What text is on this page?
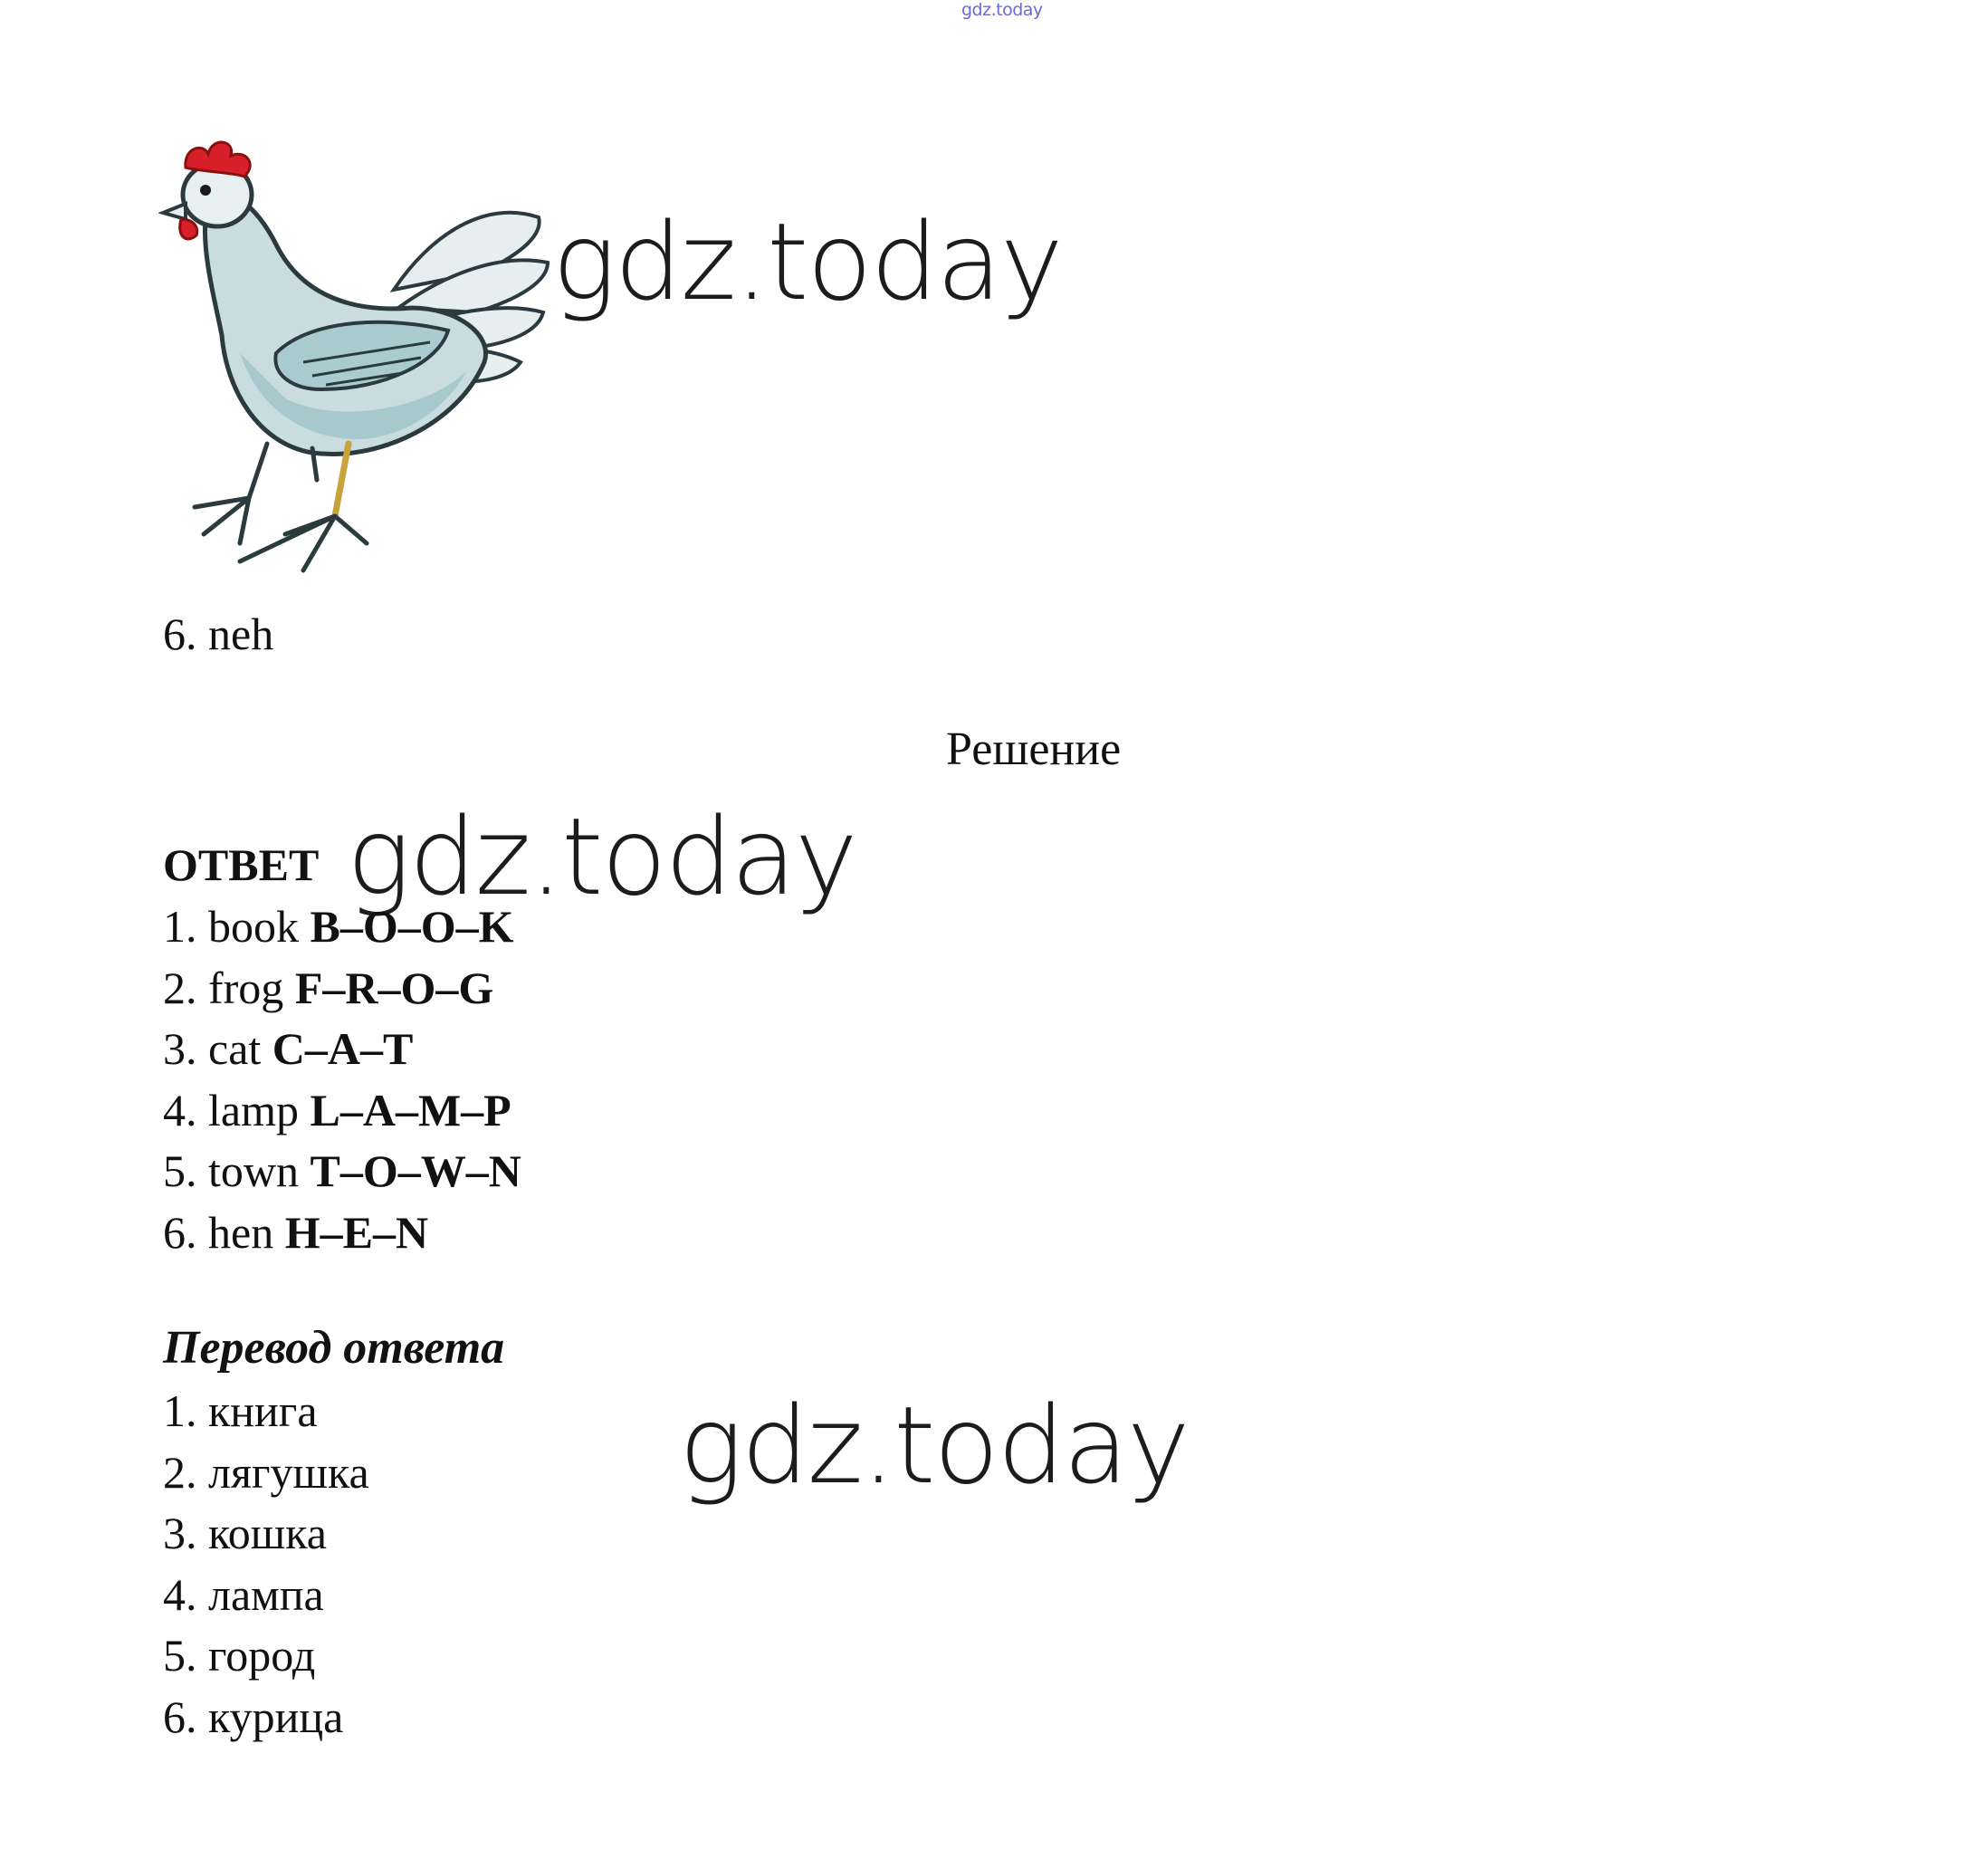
gdz.today
gdz.today
6. neh
Решение
ОТВЕТ gdz.today
1. book B–O–O–K
2. frog F–R–O–G
3. cat C–A–T
4. lamp L–A–M–P
5. town T–O–W–N
6. hen H–E–N
Перевод ответа
1. книга
2. лягушка
3. кошка
4. лампа
5. город
6. курица
gdz.today
